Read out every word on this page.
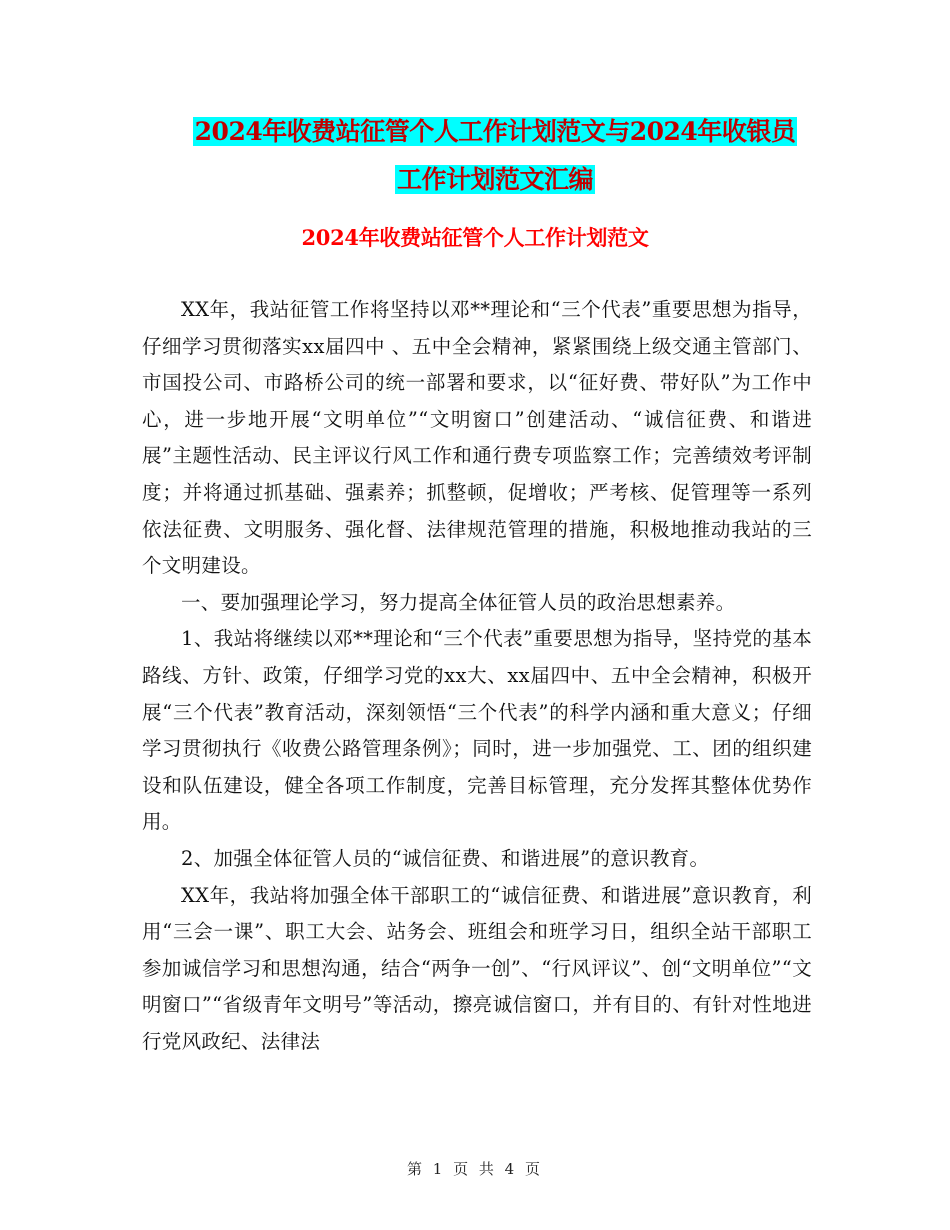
2024年收费站征管个人工作计划范文与2024年收银员
工作计划范文汇编
2024年收费站征管个人工作计划范文

XX年，我站征管工作将坚持以邓**理论和“三个代表”重要思想为指导，仔细学习贯彻落实xx届四中 、五中全会精神，紧紧围绕上级交通主管部门、市国投公司、市路桥公司的统一部署和要求，以“征好费、带好队”为工作中心，进一步地开展“文明单位”“文明窗口”创建活动、“诚信征费、和谐进展”主题性活动、民主评议行风工作和通行费专项监察工作；完善绩效考评制度；并将通过抓基础、强素养；抓整顿，促增收；严考核、促管理等一系列依法征费、文明服务、强化督、法律规范管理的措施，积极地推动我站的三个文明建设。

一、要加强理论学习，努力提高全体征管人员的政治思想素养。

1、我站将继续以邓**理论和“三个代表”重要思想为指导，坚持党的基本路线、方针、政策，仔细学习党的xx大、xx届四中、五中全会精神，积极开展“三个代表”教育活动，深刻领悟“三个代表”的科学内涵和重大意义；仔细学习贯彻执行《收费公路管理条例》；同时，进一步加强党、工、团的组织建设和队伍建设，健全各项工作制度，完善目标管理，充分发挥其整体优势作用。

2、加强全体征管人员的“诚信征费、和谐进展”的意识教育。

XX年，我站将加强全体干部职工的“诚信征费、和谐进展”意识教育，利用“三会一课”、职工大会、站务会、班组会和班学习日，组织全站干部职工参加诚信学习和思想沟通，结合“两争一创”、“行风评议”、创“文明单位”“文明窗口”“省级青年文明号”等活动，擦亮诚信窗口，并有目的、有针对性地进行党风政纪、法律法

第 1 页 共 4 页
